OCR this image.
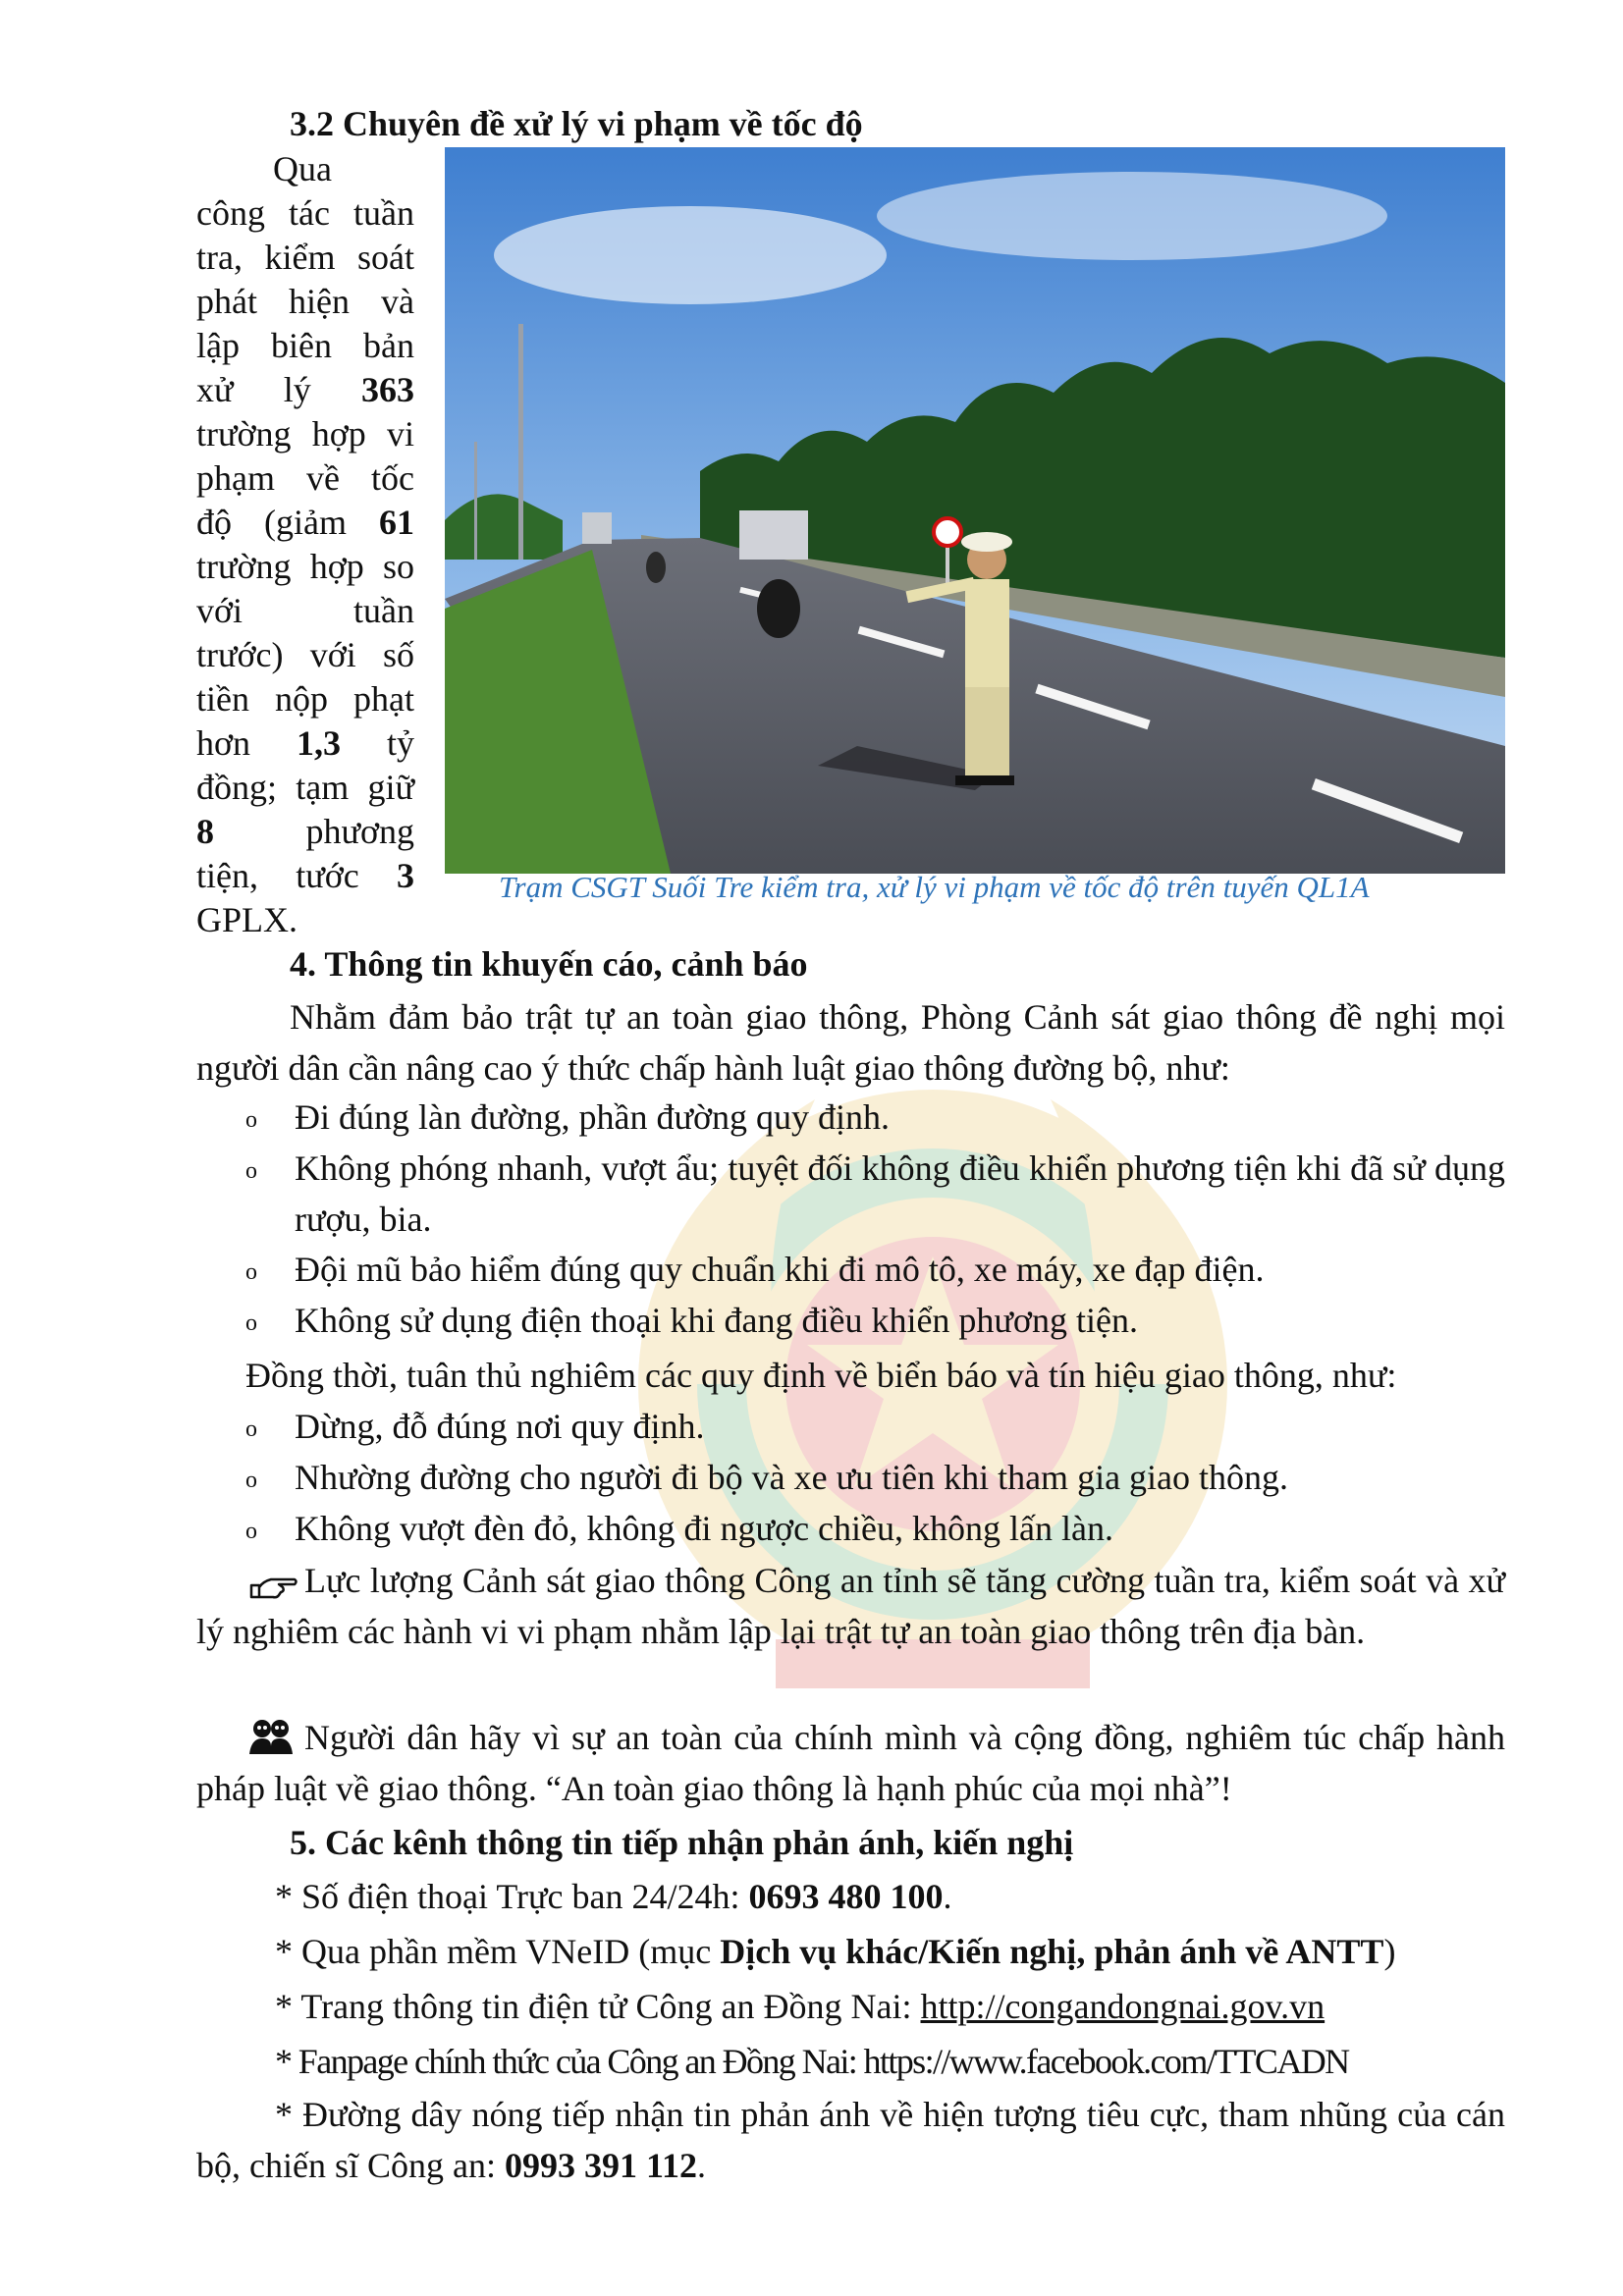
3.2 Chuyên đề xử lý vi phạm về tốc độ
Qua
công tác tuần
tra, kiểm soát
phát hiện và
lập biên bản
xử lý 363
trường hợp vi
phạm về tốc
độ (giảm 61
trường hợp so
với tuần
trước) với số
tiền nộp phạt
hơn 1,3 tỷ
đồng; tạm giữ
8	phương
tiện, tước 3
GPLX.
Trạm CSGT Suối Tre kiểm tra, xử lý vi phạm về tốc độ trên tuyến QL1A
4. Thông tin khuyến cáo, cảnh báo
Nhằm đảm bảo trật tự an toàn giao thông, Phòng Cảnh sát giao thông đề nghị mọi người dân cần nâng cao ý thức chấp hành luật giao thông đường bộ, như:
o Đi đúng làn đường, phần đường quy định.
o Không phóng nhanh, vượt ẩu; tuyệt đối không điều khiển phương tiện khi đã sử dụng rượu, bia.
o Đội mũ bảo hiểm đúng quy chuẩn khi đi mô tô, xe máy, xe đạp điện.
o Không sử dụng điện thoại khi đang điều khiển phương tiện.
Đồng thời, tuân thủ nghiêm các quy định về biển báo và tín hiệu giao thông, như:
o Dừng, đỗ đúng nơi quy định.
o Nhường đường cho người đi bộ và xe ưu tiên khi tham gia giao thông.
o Không vượt đèn đỏ, không đi ngược chiều, không lấn làn.
Lực lượng Cảnh sát giao thông Công an tỉnh sẽ tăng cường tuần tra, kiểm soát và xử lý nghiêm các hành vi vi phạm nhằm lập lại trật tự an toàn giao thông trên địa bàn.
Người dân hãy vì sự an toàn của chính mình và cộng đồng, nghiêm túc chấp hành pháp luật về giao thông. “An toàn giao thông là hạnh phúc của mọi nhà”!
5. Các kênh thông tin tiếp nhận phản ánh, kiến nghị
* Số điện thoại Trực ban 24/24h: 0693 480 100.
* Qua phần mềm VNeID (mục Dịch vụ khác/Kiến nghị, phản ánh về ANTT)
* Trang thông tin điện tử Công an Đồng Nai: http://congandongnai.gov.vn
* Fanpage chính thức của Công an Đồng Nai: https://www.facebook.com/TTCADN
* Đường dây nóng tiếp nhận tin phản ánh về hiện tượng tiêu cực, tham nhũng của cán bộ, chiến sĩ Công an: 0993 391 112.
